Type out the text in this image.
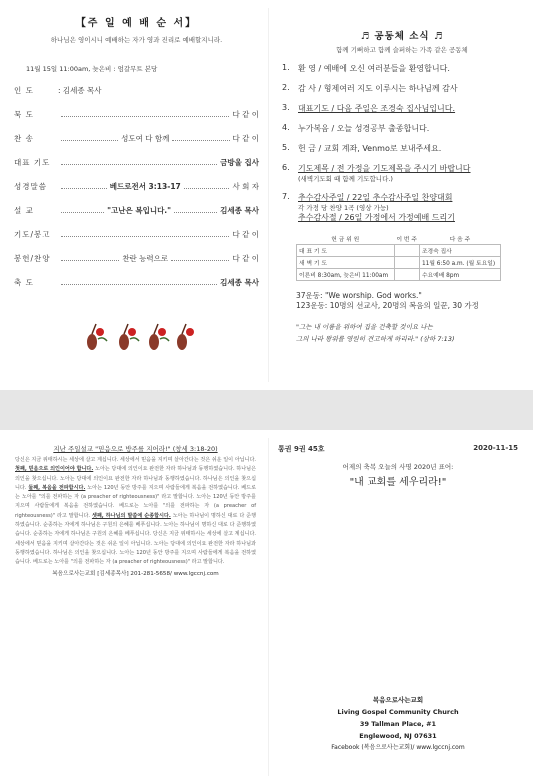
【주 일 예 배 순 서】
하나님은 영이시니 예배하는 자가 영과 진리로 예배할지니라.
11월 15일 11:00am, 늦은비 : 엄갈무트 본당
인 도	: 김세종 목사
묵 도	다 같 이
찬 송	성도여 다 함께	다 같 이
대표 기도	금방울 집사
성경말씀	베드로전서 3:13-17	사 회 자
설 교	"고난은 복입니다."	김세종 목사
기도/봉고	다 같 이
봉헌/찬양	찬란 능력으로	다 같 이
축 도	김세종 목사
♬ 공동체 소식 ♬
함께 기뻐하고 함께 슬퍼하는 가족 같은 공동체
1.	환 영 / 예배에 오신 여러분들을 환영합니다.
2.	감 사 / 형제여러 지도 이루시는 하나님께 감사
3.	대표기도 / 다음 주일은 조경숙 집사님입니다.
4.	누가복음 / 오늘 성경공부 출종합니다.
5.	헌 금 / 교회 계좌, Venmo로 보내주세요.
6.	기도제목 / 전 가정을 기도제목을 주시기 바랍니다
(새벽기도회 때 함께 기도합니다.)
7.	추수감사주일 / 22일 추수감사주일 찬양대회
각 가정 당 찬양 1곡 (영상 가능)
추수감사절 / 26일 가정에서 가정예배 드리기
헌 금 위 원	이 번 주	다 음 주
대 표 기 도		조경숙 집사
새 벽 기 도		11월 6:50 a.m. (월 토요일)
이른비 8:30am, 늦은비 11:00am		수요예배 8pm
37운동: "We worship. God works."
123운동: 10명의 선교사, 20명의 복음의 일꾼, 30 가정
"그는 내 이름을 위하여 집을 건축할 것이요 나는
그의 나라 왕위를 영원히 견고하게 하리라." (삼하 7:13)
지난 주일설교 "믿음으로 방주를 지어라!" (창세 3:18-20)
당신은 지금 위태하시는 세상에 살고 계십니다. 세상에서 믿음을 지키며 살아간다는 것은 쉬운 일이 아닙니다. 첫째, 믿음으로 의인이어야 합니다. 노아는 당대에 의인이요 완전한 자라 하나님과 동행하였습니다. 하나님은 의인을 찾으십니다. 노아는 당대에 의인이요 완전한 자라 하나님과 동행하였습니다. 하나님은 의인을 찾으십니다. 둘째, 복음을 전파합시다. 노아는 120년 동안 방주를 지으며 사람들에게 복음을 전하였습니다. 베드로는 노아를 "의를 전파하는 자 (a preacher of righteousness)" 라고 말합니다. 노아는 120년 동안 방주를 지으며 사람들에게 복음을 전하였습니다. 베드로는 노아를 "의를 전파하는 자 (a preacher of righteousness)" 라고 말합니다. 셋째, 하나님의 말씀에 순종합시다. 노아는 하나님이 명하신 대로 다 준행하였습니다. 순종하는 자에게 하나님은 구원의 은혜를 베푸십니다. 노아는 하나님이 명하신 대로 다 준행하였습니다. 순종하는 자에게 하나님은 구원의 은혜를 베푸십니다. 당신은 지금 위태하시는 세상에 살고 계십니다. 세상에서 믿음을 지키며 살아간다는 것은 쉬운 일이 아닙니다. 노아는 당대에 의인이요 완전한 자라 하나님과 동행하였습니다. 하나님은 의인을 찾으십니다. 노아는 120년 동안 방주를 지으며 사람들에게 복음을 전하였습니다. 베드로는 노아를 "의를 전파하는 자 (a preacher of righteousness)" 라고 말합니다.
복음으로사는교회 [김세종목사] 201-281-5658/ www.lgccnj.com
통권 9권 45호	2020-11-15
어제의 축복 오늘의 사명 2020년 표어:
"내 교회를 세우리라!"
복음으로사는교회
Living Gospel Community Church
39 Tallman Place, #1
Englewood, NJ 07631
Facebook (복음으로사는교회)/ www.lgccnj.com
